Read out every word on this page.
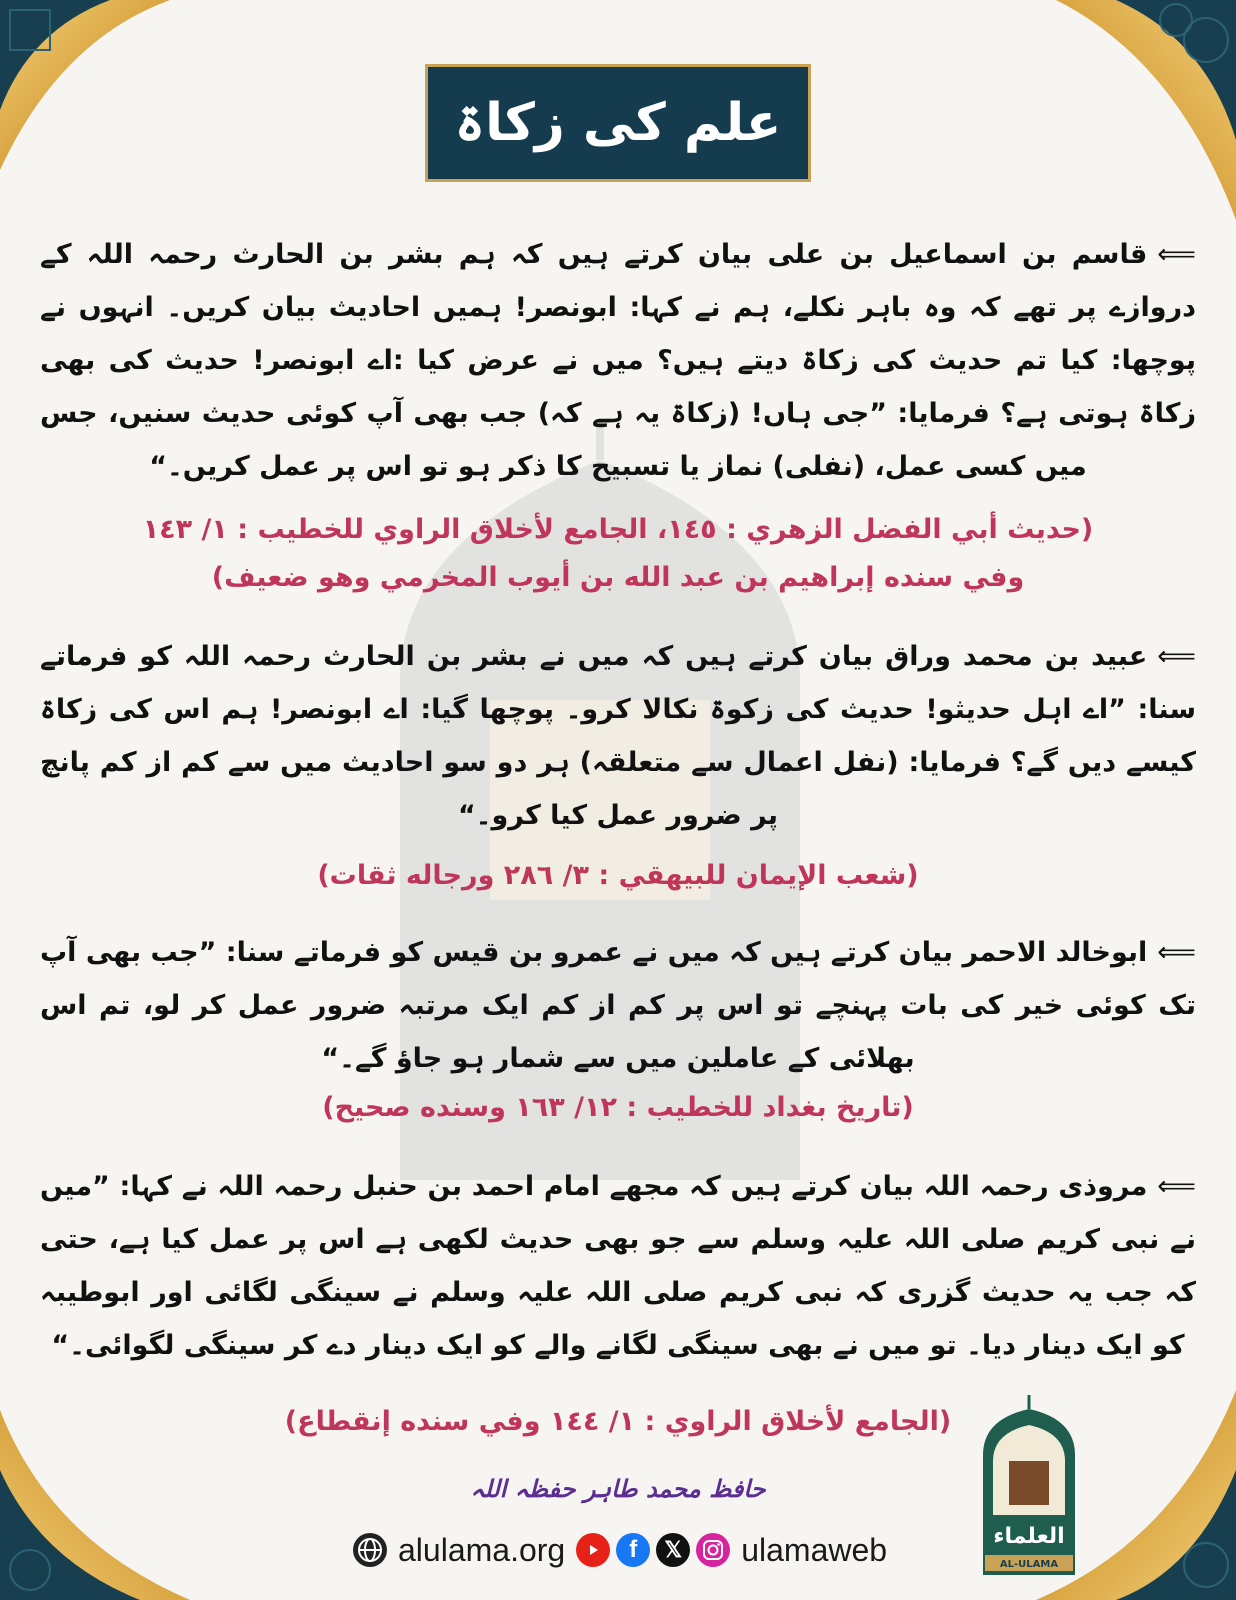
علم کی زکاۃ
⟸قاسم بن اسماعیل بن علی بیان کرتے ہیں کہ ہم بشر بن الحارث رحمہ اللہ کے دروازے پر تھے کہ وہ باہر نکلے، ہم نے کہا: ابونصر! ہمیں احادیث بیان کریں۔ انہوں نے پوچھا: کیا تم حدیث کی زکاۃ دیتے ہیں؟ میں نے عرض کیا :اے ابونصر! حدیث کی بھی زکاۃ ہوتی ہے؟ فرمایا: ”جی ہاں! (زکاۃ یہ ہے کہ) جب بھی آپ کوئی حدیث سنیں، جس میں کسی عمل، (نفلی) نماز یا تسبیح کا ذکر ہو تو اس پر عمل کریں۔“
(حديث أبي الفضل الزهري : ١٤٥، الجامع لأخلاق الراوي للخطيب : ١/ ١٤٣
وفي سنده إبراهيم بن عبد الله بن أيوب المخرمي وهو ضعيف)
⟸عبید بن محمد وراق بیان کرتے ہیں کہ میں نے بشر بن الحارث رحمہ اللہ کو فرماتے سنا: ”اے اہل حدیثو! حدیث کی زکوۃ نکالا کرو۔ پوچھا گیا: اے ابونصر! ہم اس کی زکاۃ کیسے دیں گے؟ فرمایا: (نفل اعمال سے متعلقہ) ہر دو سو احادیث میں سے کم از کم پانچ پر ضرور عمل کیا کرو۔“
(شعب الإيمان للبيهقي : ٣/ ٢٨٦ ورجاله ثقات)
⟸ابوخالد الاحمر بیان کرتے ہیں کہ میں نے عمرو بن قیس کو فرماتے سنا: ”جب بھی آپ تک کوئی خیر کی بات پہنچے تو اس پر کم از کم ایک مرتبہ ضرور عمل کر لو، تم اس بھلائی کے عاملین میں سے شمار ہو جاؤ گے۔“
(تاريخ بغداد للخطيب : ١٢/ ١٦٣ وسنده صحيح)
⟸مروذی رحمہ اللہ بیان کرتے ہیں کہ مجھے امام احمد بن حنبل رحمہ اللہ نے کہا: ”میں نے نبی کریم صلی اللہ علیہ وسلم سے جو بھی حدیث لکھی ہے اس پر عمل کیا ہے، حتی کہ جب یہ حدیث گزری کہ نبی کریم صلی اللہ علیہ وسلم نے سینگی لگائی اور ابوطیبہ کو ایک دینار دیا۔ تو میں نے بھی سینگی لگانے والے کو ایک دینار دے کر سینگی لگوائی۔“
(الجامع لأخلاق الراوي : ١/ ١٤٤ وفي سنده إنقطاع)
حافظ محمد طاہر حفظہ اللہ
alulama.org	f 𝕏 ulamaweb	العلماء
AL-ULAMA
